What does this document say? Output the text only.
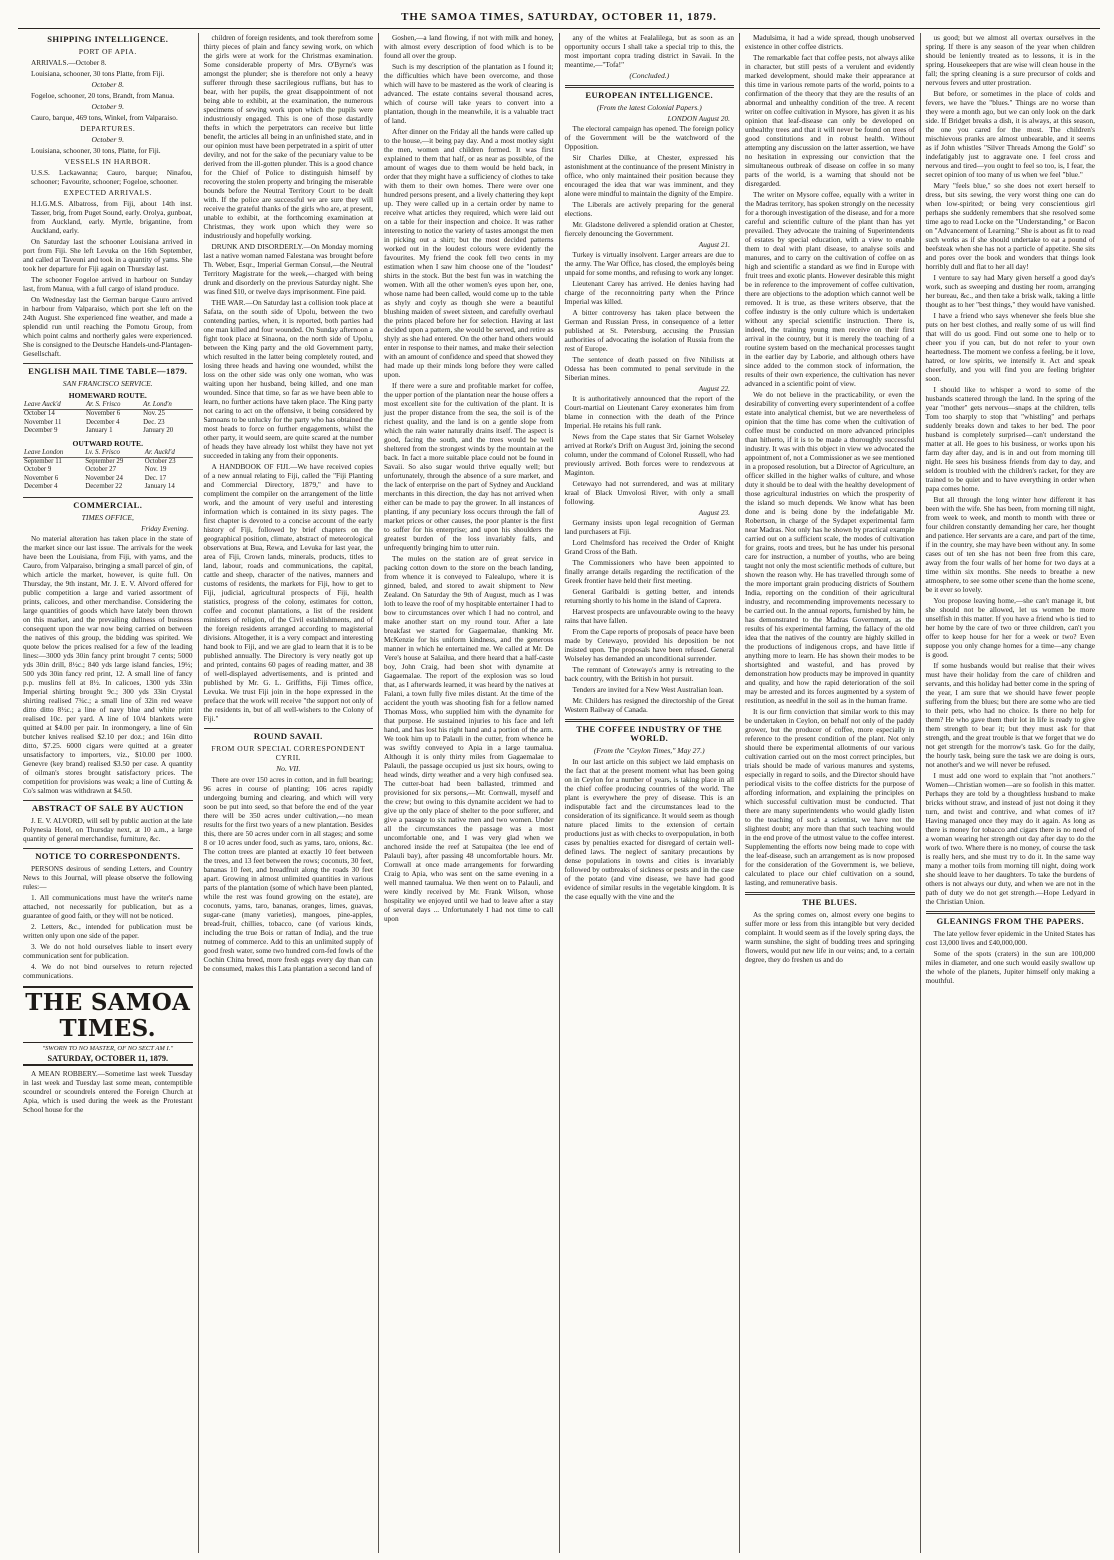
THE SAMOA TIMES, SATURDAY, OCTOBER 11, 1879.
SHIPPING INTELLIGENCE.
PORT OF APIA.

ARRIVALS.—October 8.

Louisiana, schooner, 30 tons Platte, from Fiji.

October 8.

Fogeloe, schooner, 20 tons, Brandt, from Manua.

October 9.

Cauro, barque, 469 tons, Winkel, from Valparaiso.

DEPARTURES.
October 9.

Louisiana, schooner, 30 tons, Platte, for Fiji.

VESSELS IN HARBOR.

U.S.S. Lackawanna; Cauro, barque; Ninafou, schooner; Favourite, schooner; Fogeloe, schooner.

EXPECTED ARRIVALS.

H.I.G.M.S. Albatross, from Fiji, about 14th inst. Tasser, brig, from Puget Sound, early. Orolya, gunboat, from Auckland, early. Myrtle, brigantine, from Auckland, early.

On Saturday last the schooner Louisiana arrived in port from Fiji. She left Levuka on the 16th September, and called at Taveuni and took in a quantity of yams. She took her departure for Fiji again on Thursday last.

The schooner Fogeloe arrived in harbour on Sunday last, from Manua, with a full cargo of island produce.

On Wednesday last the German barque Cauro arrived in harbour from Valparaiso, which port she left on the 24th August. She experienced fine weather, and made a splendid run until reaching the Pomotu Group, from which point calms and northerly gales were experienced. She is consigned to the Deutsche Handels-und-Plantagen-Gesellschaft.

ENGLISH MAIL TIME TABLE—1879.
SAN FRANCISCO SERVICE.
HOMEWARD ROUTE.
Leave Auck'd	Ar. S. Frisco	Ar. Lond'n
October 14	November 6	Nov. 25
November 11	December 4	Dec. 23
December 9	January 1	January 20
OUTWARD ROUTE.
Leave London	Lv. S. Frisco	Ar. Auckl'd
September 11	September 29	October 23
October 9	October 27	Nov. 19
November 6	November 24	Dec. 17
December 4	December 22	January 14
COMMERCIAL.
TIMES OFFICE,

Friday Evening.

No material alteration has taken place in the state of the market since our last issue. The arrivals for the week have been the Louisiana, from Fiji, with yams, and the Cauro, from Valparaiso, bringing a small parcel of gin, of which article the market, however, is quite full. On Thursday, the 9th instant, Mr. J. E. V. Alvord offered for public competition a large and varied assortment of prints, calicoes, and other merchandise. Considering the large quantities of goods which have lately been thrown on this market, and the prevailing dullness of business consequent upon the war now being carried on between the natives of this group, the bidding was spirited. We quote below the prices realised for a few of the leading lines:—3000 yds 30in fancy print brought 7 cents; 5000 yds 30in drill, 8½c.; 840 yds large island fancies, 19½; 500 yds 30in fancy red print, 12. A small line of fancy p.p. muslins fell at 8½. In calicoes, 1300 yds 33in Imperial shirting brought 9c.; 300 yds 33in Crystal shirting realised 7¾c.; a small line of 32in red weave ditto ditto 8½c.; a line of navy blue and white print realised 10c. per yard. A line of 10/4 blankets were quitted at $4.00 per pair. In ironmongery, a line of 6in butcher knives realised $2.10 per doz.; and 16in ditto ditto, $7.25. 6000 cigars were quitted at a greater unsatisfactory to importers, viz., $10.00 per 1000. Genevre (key brand) realised $3.50 per case. A quantity of oilman's stores brought satisfactory prices. The competition for provisions was weak; a line of Cutting & Co's salmon was withdrawn at $4.50.

ABSTRACT OF SALE BY AUCTION

J. E. V. ALVORD, will sell by public auction at the late Polynesia Hotel, on Thursday next, at 10 a.m., a large quantity of general merchandise, furniture, &c.

NOTICE TO CORRESPONDENTS.

PERSONS desirous of sending Letters, and Country News to this Journal, will please observe the following rules:—

1. All communications must have the writer's name attached, not necessarily for publication, but as a guarantee of good faith, or they will not be noticed.

2. Letters, &c., intended for publication must be written only upon one side of the paper.

3. We do not hold ourselves liable to insert every communication sent for publication.

4. We do not bind ourselves to return rejected communications.

THE SAMOA TIMES.
"SWORN TO NO MASTER, OF NO SECT AM I."
SATURDAY, OCTOBER 11, 1879.

A MEAN ROBBERY.—Sometime last week Tuesday in last week and Tuesday last some mean, contemptible scoundrel or scoundrels entered the Foreign Church at Apia, which is used during the week as the Protestant School house for the

children of foreign residents, and took therefrom some thirty pieces of plain and fancy sewing work, on which the girls were at work for the Christmas examination. Some considerable property of Mrs. O'Byrne's was amongst the plunder; she is therefore not only a heavy sufferer through these sacrilegious ruffians, but has to bear, with her pupils, the great disappointment of not being able to exhibit, at the examination, the numerous specimens of sewing work upon which the pupils were industriously engaged. This is one of those dastardly thefts in which the perpetrators can receive but little benefit, the articles all being in an unfinished state, and in our opinion must have been perpetrated in a spirit of utter devilry, and not for the sake of the pecuniary value to be derived from the ill-gotten plunder. This is a good chance for the Chief of Police to distinguish himself by recovering the stolen property and bringing the miserable bounds before the Neutral Territory Court to be dealt with. If the police are successful we are sure they will receive the grateful thanks of the girls who are, at present, unable to exhibit, at the forthcoming examination at Christmas, they work upon which they were so industriously and hopefully working.

DRUNK AND DISORDERLY.—On Monday morning last a native woman named Falestana was brought before Th. Weber, Esqr., Imperial German Consul,—the Neutral Territory Magistrate for the week,—charged with being drunk and disorderly on the previous Saturday night. She was fined $10, or twelve days imprisonment. Fine paid.

THE WAR.—On Saturday last a collision took place at Safata, on the south side of Upolu, between the two contending parties, when, it is reported, both parties had one man killed and four wounded. On Sunday afternoon a fight took place at Sinaona, on the north side of Upolu, between the King party and the old Government party, which resulted in the latter being completely routed, and losing three heads and having one wounded, whilst the loss on the other side was only one woman, who was waiting upon her husband, being killed, and one man wounded. Since that time, so far as we have been able to learn, no further actions have taken place. The King party not caring to act on the offensive, it being considered by Samoans to be unlucky for the party who has obtained the most heads to force on further engagements, whilst the other party, it would seem, are quite scared at the number of heads they have already lost whilst they have not yet succeeded in taking any from their opponents.

A HANDBOOK OF FIJI.—We have received copies of a new annual relating to Fiji, called the "Fiji Planting and Commercial Directory, 1879," and have to compliment the compiler on the arrangement of the little work, and the amount of very useful and interesting information which is contained in its sixty pages. The first chapter is devoted to a concise account of the early history of Fiji, followed by brief chapters on the geographical position, climate, abstract of meteorological observations at Bua, Rewa, and Levuka for last year, the area of Fiji, Crown lands, minerals, products, titles to land, labour, roads and communications, the capital, cattle and sheep, character of the natives, manners and customs of residents, the markets for Fiji, how to get to Fiji, judicial, agricultural prospects of Fiji, health statistics, progress of the colony, estimates for cotton, coffee and coconut plantations, a list of the resident ministers of religion, of the Civil establishments, and of the foreign residents arranged according to magisterial divisions. Altogether, it is a very compact and interesting hand book to Fiji, and we are glad to learn that it is to be published annually. The Directory is very neatly got up and printed, contains 60 pages of reading matter, and 38 of well-displayed advertisements, and is printed and published by Mr. G. L. Griffiths, Fiji Times office, Levuka. We trust Fiji join in the hope expressed in the preface that the work will receive "the support not only of the residents in, but of all well-wishers to the Colony of Fiji."

ROUND SAVAII.
FROM OUR SPECIAL CORRESPONDENT CYRIL
No. VII.

There are over 150 acres in cotton, and in full bearing; 96 acres in course of planting; 106 acres rapidly undergoing burning and clearing, and which will very soon be put into seed, so that before the end of the year there will be 350 acres under cultivation,—no mean results for the first two years of a new plantation. Besides this, there are 50 acres under corn in all stages; and some 8 or 10 acres under food, such as yams, taro, onions, &c. The cotton trees are planted at exactly 10 feet between the trees, and 13 feet between the rows; coconuts, 30 feet, bananas 10 feet, and breadfruit along the roads 30 feet apart. Growing in almost unlimited quantities in various parts of the plantation (some of which have been planted, while the rest was found growing on the estate), are coconuts, yams, taro, bananas, oranges, limes, guavas, sugar-cane (many varieties), mangoes, pine-apples, bread-fruit, chillies, tobacco, cane (of various kinds, including the true Bois or rattan of India), and the true nutmeg of commerce. Add to this an unlimited supply of good fresh water, some two hundred corn-fed fowls of the Cochin China breed, more fresh eggs every day than can be consumed, makes this Lata plantation a second land of

Goshen,—a land flowing, if not with milk and honey, with almost every description of food which is to be found all over the group.

Such is my description of the plantation as I found it; the difficulties which have been overcome, and those which will have to be mastered as the work of clearing is advanced. The estate contains several thousand acres, which of course will take years to convert into a plantation, though in the meanwhile, it is a valuable tract of land.

After dinner on the Friday all the hands were called up to the house,—it being pay day. And a most motley sight the men, women and children formed. It was first explained to them that half, or as near as possible, of the amount of wages due to them would be held back, in order that they might have a sufficiency of clothes to take with them to their own homes. There were over one hundred persons present, and a lively chattering they kept up. They were called up in a certain order by name to receive what articles they required, which were laid out on a table for their inspection and choice. It was rather interesting to notice the variety of tastes amongst the men in picking out a shirt; but the most decided patterns worked out in the loudest colours were evidently the favourites. My friend the cook fell two cents in my estimation when I saw him choose one of the "loudest" shirts in the stock. But the best fun was in watching the women. With all the other women's eyes upon her, one, whose name had been called, would come up to the table as shyly and coyly as though she were a beautiful blushing maiden of sweet sixteen, and carefully overhaul the prints placed before her for selection. Having at last decided upon a pattern, she would be served, and retire as shyly as she had entered. On the other hand others would enter in response to their names, and make their selection with an amount of confidence and speed that showed they had made up their minds long before they were called upon.

If there were a sure and profitable market for coffee, the upper portion of the plantation near the house offers a most excellent site for the cultivation of the plant. It is just the proper distance from the sea, the soil is of the richest quality, and the land is on a gentle slope from which the rain water naturally drains itself. The aspect is good, facing the south, and the trees would be well sheltered from the strongest winds by the mountain at the back. In fact a more suitable place could not be found in Savaii. So also sugar would thrive equally well; but unfortunately, through the absence of a sure market, and the lack of enterprise on the part of Sydney and Auckland merchants in this direction, the day has not arrived when either can be made to pay the grower. In all instances of planting, if any pecuniary loss occurs through the fall of market prices or other causes, the poor planter is the first to suffer for his enterprise; and upon his shoulders the greatest burden of the loss invariably falls, and unfrequently bringing him to utter ruin.

The mules on the station are of great service in packing cotton down to the store on the beach landing, from whence it is conveyed to Falealupo, where it is ginned, baled, and stored to await shipment to New Zealand. On Saturday the 9th of August, much as I was loth to leave the roof of my hospitable entertainer I had to bow to circumstances over which I had no control, and make another start on my round tour. After a late breakfast we started for Gagaemalae, thanking Mr. McKenzie for his uniform kindness, and the generous manner in which he entertained me. We called at Mr. De Vere's house at Salailua, and there heard that a half-caste boy, John Craig, had been shot with dynamite at Gagaemalae. The report of the explosion was so loud that, as I afterwards learned, it was heard by the natives at Falani, a town fully five miles distant. At the time of the accident the youth was shooting fish for a fellow named Thomas Moss, who supplied him with the dynamite for that purpose. He sustained injuries to his face and left hand, and has lost his right hand and a portion of the arm. We took him up to Palauli in the cutter, from whence he was swiftly conveyed to Apia in a large taumalua. Although it is only thirty miles from Gagaemalae to Palauli, the passage occupied us just six hours, owing to head winds, dirty weather and a very high confused sea. The cutter-boat had been ballasted, trimmed and provisioned for six persons,—Mr. Cornwall, myself and the crew; but owing to this dynamite accident we had to give up the only place of shelter to the poor sufferer, and give a passage to six native men and two women. Under all the circumstances the passage was a most uncomfortable one, and I was very glad when we anchored inside the reef at Satupaitea (the lee end of Palauli bay), after passing 48 uncomfortable hours. Mr. Cornwall at once made arrangements for forwarding Craig to Apia, who was sent on the same evening in a well manned taumalua. We then went on to Palauli, and were kindly received by Mr. Frank Wilson, whose hospitality we enjoyed until we had to leave after a stay of several days ... Unfortunately I had not time to call upon

any of the whites at Fealalilega, but as soon as an opportunity occurs I shall take a special trip to this, the most important copra trading district in Savaii. In the meantime,—"Tofa!"

(Concluded.)
EUROPEAN INTELLIGENCE.
(From the latest Colonial Papers.)

LONDON August 20.

The electoral campaign has opened. The foreign policy of the Government will be the watchword of the Opposition.

Sir Charles Dilke, at Chester, expressed his astonishment at the continuance of the present Ministry in office, who only maintained their position because they encouraged the idea that war was imminent, and they alone were mindful to maintain the dignity of the Empire.

The Liberals are actively preparing for the general elections.

Mr. Gladstone delivered a splendid oration at Chester, fiercely denouncing the Government.

August 21.

Turkey is virtually insolvent. Larger arrears are due to the army. The War Office, has closed, the employés being unpaid for some months, and refusing to work any longer.

Lieutenant Carey has arrived. He denies having had charge of the reconnoitring party when the Prince Imperial was killed.

A bitter controversy has taken place between the German and Russian Press, in consequence of a letter published at St. Petersburg, accusing the Prussian authorities of advocating the isolation of Russia from the rest of Europe.

The sentence of death passed on five Nihilists at Odessa has been commuted to penal servitude in the Siberian mines.

August 22.

It is authoritatively announced that the report of the Court-martial on Lieutenant Carey exonerates him from blame in connection with the death of the Prince Imperial. He retains his full rank.

News from the Cape states that Sir Garnet Wolseley arrived at Rorke's Drift on August 3rd, joining the second column, under the command of Colonel Russell, who had previously arrived. Both forces were to rendezvous at Maginton.

Cetewayo had not surrendered, and was at military kraal of Black Umvolosi River, with only a small following.

August 23.

Germany insists upon legal recognition of German land purchasers at Fiji.

Lord Chelmsford has received the Order of Knight Grand Cross of the Bath.

The Commissioners who have been appointed to finally arrange details regarding the rectification of the Greek frontier have held their first meeting.

General Garibaldi is getting better, and intends returning shortly to his home in the island of Caprera.

Harvest prospects are unfavourable owing to the heavy rains that have fallen.

From the Cape reports of proposals of peace have been made by Cetewayo, provided his deposition be not insisted upon. The proposals have been refused. General Wolseley has demanded an unconditional surrender.

The remnant of Cetewayo's army is retreating to the back country, with the British in hot pursuit.

Tenders are invited for a New West Australian loan.

Mr. Childers has resigned the directorship of the Great Western Railway of Canada.

THE COFFEE INDUSTRY OF THE WORLD.
(From the "Ceylon Times," May 27.)

In our last article on this subject we laid emphasis on the fact that at the present moment what has been going on in Ceylon for a number of years, is taking place in all the chief coffee producing countries of the world. The plant is everywhere the prey of disease. This is an indisputable fact and the circumstances lead to the consideration of its significance. It would seem as though nature placed limits to the extension of certain productions just as with checks to overpopulation, in both cases by penalties exacted for disregard of certain well-defined laws. The neglect of sanitary precautions by dense populations in towns and cities is invariably followed by outbreaks of sickness or pests and in the case of the potato (and vine disease, we have had good evidence of similar results in the vegetable kingdom. It is the case equally with the vine and the

Madulsima, it had a wide spread, though unobserved existence in other coffee districts.

The remarkable fact that coffee pests, not always alike in character, but still pests of a verulent and evidently marked development, should make their appearance at this time in various remote parts of the world, points to a confirmation of the theory that they are the results of an abnormal and unhealthy condition of the tree. A recent writer on coffee cultivation in Mysore, has given it as his opinion that leaf-disease can only be developed on unhealthy trees and that it will never be found on trees of good constitutions and in robust health. Without attempting any discussion on the latter assertion, we have no hesitation in expressing our conviction that the simultaneous outbreak of disease on coffee in so many parts of the world, is a warning that should not be disregarded.

The writer on Mysore coffee, equally with a writer in the Madras territory, has spoken strongly on the necessity for a thorough investigation of the disease, and for a more careful and scientific culture of the plant than has yet prevailed. They advocate the training of Superintendents of estates by special education, with a view to enable them to deal with plant disease, to analyse soils and manures, and to carry on the cultivation of coffee on as high and scientific a standard as we find in Europe with fruit trees and exotic plants. However desirable this might be in reference to the improvement of coffee cultivation, there are objections to the adoption which cannot well be removed. It is true, as these writers observe, that the coffee industry is the only culture which is undertaken without any special scientific instruction. There is, indeed, the training young men receive on their first arrival in the country, but it is merely the teaching of a routine system based on the mechanical processes taught in the earlier day by Laborie, and although others have since added to the common stock of information, the results of their own experience, the cultivation has never advanced in a scientific point of view.

We do not believe in the practicability, or even the desirability of converting every superintendent of a coffee estate into analytical chemist, but we are nevertheless of opinion that the time has come when the cultivation of coffee must be conducted on more advanced principles than hitherto, if it is to be made a thoroughly successful industry. It was with this object in view we advocated the appointment of, not a Commissioner as we see mentioned in a proposed resolution, but a Director of Agriculture, an officer skilled in the higher walks of culture, and whose duty it should be to deal with the healthy development of those agricultural industries on which the prosperity of the island so much depends. We know what has been done and is being done by the indefatigable Mr. Robertson, in charge of the Sydapet experimental farm near Madras. Not only has he shown by practical example carried out on a sufficient scale, the modes of cultivation for grains, roots and trees, but he has under his personal care for instruction, a number of youths, who are being taught not only the most scientific methods of culture, but shown the reason why. He has travelled through some of the more important grain producing districts of Southern India, reporting on the condition of their agricultural industry, and recommending improvements necessary to be carried out. In the annual reports, furnished by him, he has demonstrated to the Madras Government, as the results of his experimental farming, the fallacy of the old idea that the natives of the country are highly skilled in the productions of indigenous crops, and have little if anything more to learn. He has shown their modes to be shortsighted and wasteful, and has proved by demonstration how products may be improved in quantity and quality, and how the rapid deterioration of the soil may be arrested and its forces augmented by a system of restitution, as needful in the soil as in the human frame.

It is our firm conviction that similar work to this may be undertaken in Ceylon, on behalf not only of the paddy grower, but the producer of coffee, more especially in reference to the present condition of the plant. Not only should there be experimental allotments of our various cultivation carried out on the most correct principles, but trials should be made of various manures and systems, especially in regard to soils, and the Director should have periodical visits to the coffee districts for the purpose of affording information, and explaining the principles on which successful cultivation must be conducted. That there are many superintendents who would gladly listen to the teaching of such a scientist, we have not the slightest doubt; any more than that such teaching would in the end prove of the utmost value to the coffee interest. Supplementing the efforts now being made to cope with the leaf-disease, such an arrangement as is now proposed for the consideration of the Government is, we believe, calculated to place our chief cultivation on a sound, lasting, and remunerative basis.

THE BLUES.

As the spring comes on, almost every one begins to suffer more or less from this intangible but very decided complaint. It would seem as if the lovely spring days, the warm sunshine, the sight of budding trees and springing flowers, would put new life in our veins; and, to a certain degree, they do freshen us and do

us good; but we almost all overtax ourselves in the spring. If there is any season of the year when children should be leniently treated as to lessons, it is in the spring. Housekeepers that are wise will clean house in the fall; the spring cleaning is a sure precursor of colds and nervous fevers and utter prostration.

But before, or sometimes in the place of colds and fevers, we have the "blues." Things are no worse than they were a month ago, but we can only look on the dark side. If Bridget breaks a dish, it is always, at this season, the one you cared for the most. The children's mischievous pranks are almost unbearable, and it seems as if John whistles "Silver Threads Among the Gold" so indefatigably just to aggravate one. I feel cross and nervous and tired—you ought to feel so too, is, I fear, the secret opinion of too many of us when we feel "blue."

Mary "feels blue," so she does not exert herself to dress, but sits sewing, the very worst thing one can do when low-spirited; or being very conscientious girl perhaps she suddenly remembers that she resolved some time ago to read Locke on the "Understanding," or Bacon on "Advancement of Learning." She is about as fit to read such works as if she should undertake to eat a pound of beefsteak when she has not a particle of appetite. She sits and pores over the book and wonders that things look horribly dull and flat to her all day!

I venture to say had Mary given herself a good day's work, such as sweeping and dusting her room, arranging her bureau, &c., and then take a brisk walk, taking a little thought as to her "best things," they would have vanished.

I have a friend who says whenever she feels blue she puts on her best clothes, and really some of us will find that will do us good. Find out some one to help or to cheer you if you can, but do not refer to your own heartedness. The moment we confess a feeling, be it love, hatred, or low spirits, we intensify it. Act and speak cheerfully, and you will find you are feeling brighter soon.

I should like to whisper a word to some of the husbands scattered through the land. In the spring of the year "mother" gets nervous—snaps at the children, tells Tom too sharply to stop that "whistling" and perhaps suddenly breaks down and takes to her bed. The poor husband is completely surprised—can't understand the matter at all. He goes to his business, or works upon his farm day after day, and is in and out from morning till night. He sees his business friends from day to day, and seldom is troubled with the children's racket, for they are trained to be quiet and to have everything in order when papa comes home.

But all through the long winter how different it has been with the wife. She has been, from morning till night, from week to week, and month to month with three or four children constantly demanding her care, her thought and patience. Her servants are a care, and part of the time, if in the country, she may have been without any. In some cases out of ten she has not been free from this care, away from the four walls of her home for two days at a time within six months. She needs to breathe a new atmosphere, to see some other scene than the home scene, be it ever so lovely.

You propose leaving home,—she can't manage it, but she should not be allowed, let us women be more unselfish in this matter. If you have a friend who is tied to her home by the care of two or three children, can't you offer to keep house for her for a week or two? Even suppose you only change homes for a time—any change is good.

If some husbands would but realise that their wives must have their holiday from the care of children and servants, and this holiday had better come in the spring of the year, I am sure that we should have fewer people suffering from the blues; but there are some who are tied to their pets, who had no choice. Is there no help for them? He who gave them their lot in life is ready to give them strength to bear it; but they must ask for that strength, and the great trouble is that we forget that we do not get strength for the morrow's task. Go for the daily, the hourly task, being sure the task we are doing is ours, not another's and we will never be refused.

I must add one word to explain that "not anothers." Women—Christian women—are so foolish in this matter. Perhaps they are told by a thoughtless husband to make bricks without straw, and instead of just not doing it they turn, and twist and contrive, and what comes of it? Having managed once they may do it again. As long as there is money for tobacco and cigars there is no need of a woman wearing her strength out day after day to do the work of two. Where there is no money, of course the task is really hers, and she must try to do it. In the same way many a mother toils from morning till night, doing work she should leave to her daughters. To take the burdens of others is not always our duty, and when we are not in the path of duty we do not get strength.—Hope Ledyard in the Christian Union.

GLEANINGS FROM THE PAPERS.

The late yellow fever epidemic in the United States has cost 13,000 lives and £40,000,000.

Some of the spots (craters) in the sun are 100,000 miles in diameter, and one such would easily swallow up the whole of the planets, Jupiter himself only making a mouthful.
